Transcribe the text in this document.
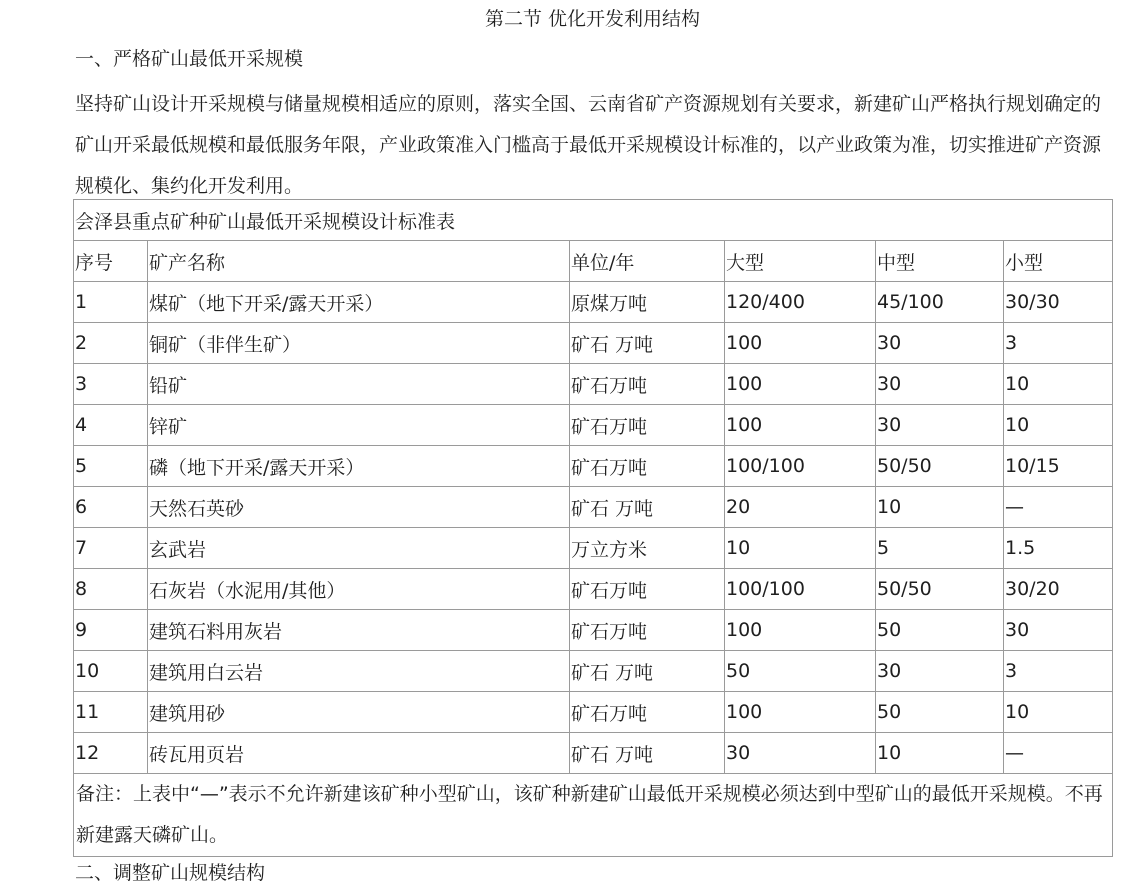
第二节 优化开发利用结构
一、严格矿山最低开采规模
坚持矿山设计开采规模与储量规模相适应的原则，落实全国、云南省矿产资源规划有关要求，新建矿山严格执行规划确定的矿山开采最低规模和最低服务年限，产业政策准入门槛高于最低开采规模设计标准的，以产业政策为准，切实推进矿产资源规模化、集约化开发利用。
会泽县重点矿种矿山最低开采规模设计标准表					
序号	矿产名称	单位/年	大型	中型	小型
1	煤矿（地下开采/露天开采）	原煤万吨	120/400	45/100	30/30
2	铜矿（非伴生矿）	矿石 万吨	100	30	3
3	铅矿	矿石万吨	100	30	10
4	锌矿	矿石万吨	100	30	10
5	磷（地下开采/露天开采）	矿石万吨	100/100	50/50	10/15
6	天然石英砂	矿石 万吨	20	10	—
7	玄武岩	万立方米	10	5	1.5
8	石灰岩（水泥用/其他）	矿石万吨	100/100	50/50	30/20
9	建筑石料用灰岩	矿石万吨	100	50	30
10	建筑用白云岩	矿石 万吨	50	30	3
11	建筑用砂	矿石万吨	100	50	10
12	砖瓦用页岩	矿石 万吨	30	10	—
备注：上表中“—”表示不允许新建该矿种小型矿山，该矿种新建矿山最低开采规模必须达到中型矿山的最低开采规模。不再新建露天磷矿山。					
二、调整矿山规模结构
